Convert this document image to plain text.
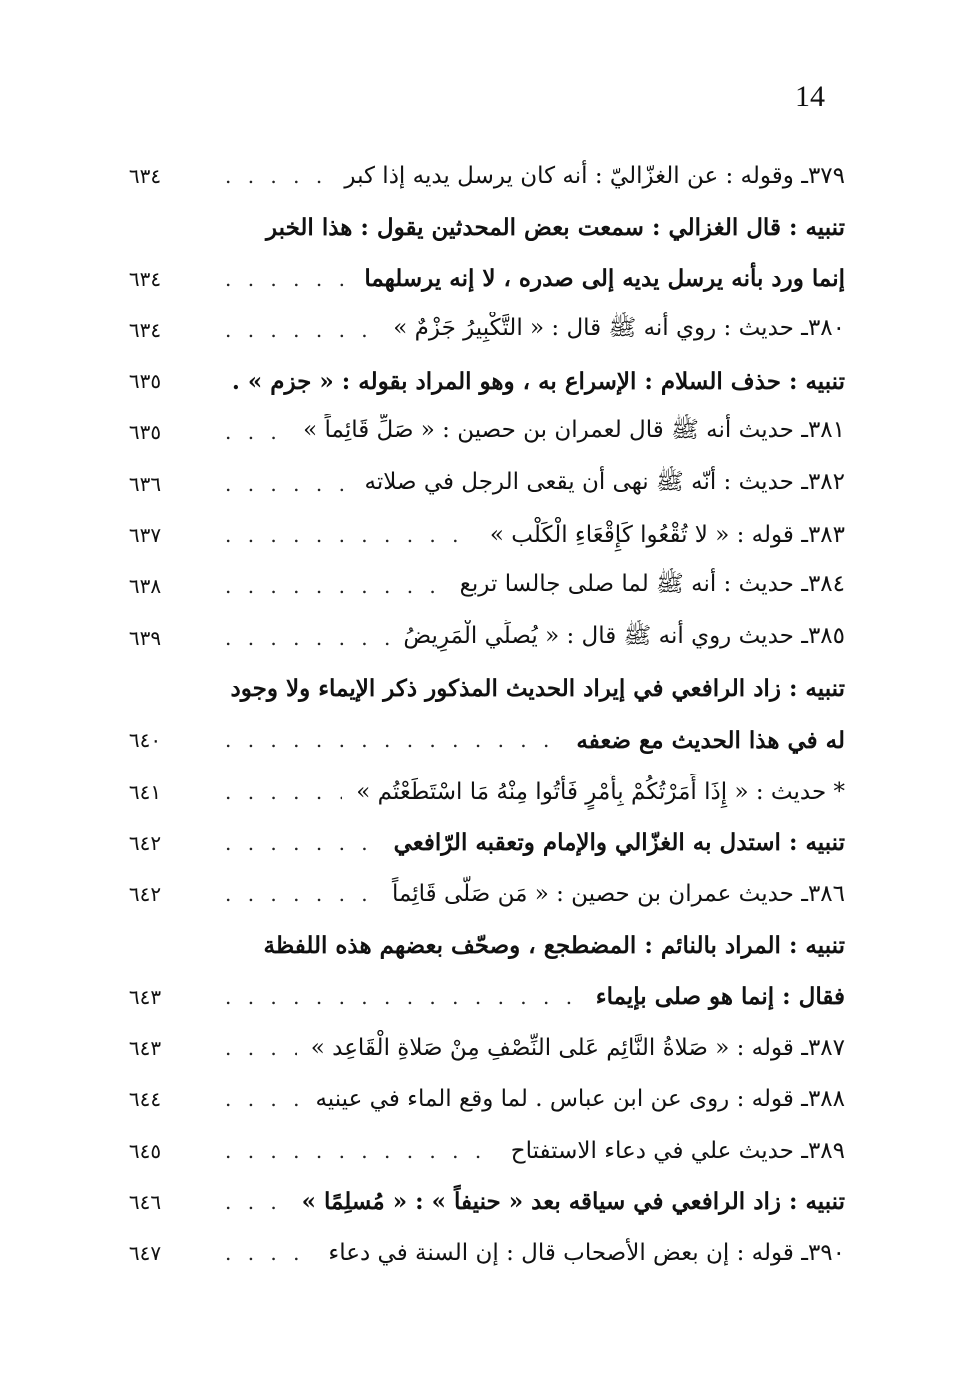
14
٣٧٩ـ وقوله : عن الغزّاليّ : أنه كان يرسل يديه إذا كبر
. . .
٦٣٤
تنبيه : قال الغزالي : سمعت بعض المحدثين يقول : هذا الخبر
إنما ورد بأنه يرسل يديه إلى صدره ، لا إنه يرسلهما
. . .
٦٣٤
٣٨٠ـ حديث : روي أنه ﷺ قال : « التَّكْبِيرُ جَزْمٌ »
. . .
٦٣٤
تنبيه : حذف السلام : الإسراع به ، وهو المراد بقوله : « جزم » .
٦٣٥
٣٨١ـ حديث أنه ﷺ قال لعمران بن حصين : « صَلِّ قَائِماً »
. . .
٦٣٥
٣٨٢ـ حديث : أنّه ﷺ نهى أن يقعى الرجل في صلاته
. . .
٦٣٦
٣٨٣ـ قوله : « لا تُقْعُوا كَإِقْعَاءِ الْكَلْب »
. . .
٦٣٧
٣٨٤ـ حديث : أنه ﷺ لما صلى جالسا تربع
. . .
٦٣٨
٣٨٥ـ حديث روي أنه ﷺ قال : « يُصلِّي الْمَرِيضُ
. . .
٦٣٩
تنبيه : زاد الرافعي في إيراد الحديث المذكور ذكر الإيماء ولا وجود
له في هذا الحديث مع ضعفه
. . .
٦٤٠
* حديث : « إِذَا أَمَرْتُكُمْ بِأَمْرٍ فَأْتُوا مِنْهُ مَا اسْتَطَعْتُم »
. . .
٦٤١
تنبيه : استدل به الغزّالي والإمام وتعقبه الرّافعي
. . .
٦٤٢
٣٨٦ـ حديث عمران بن حصين : « مَن صَلَّى قَائِماً
. . .
٦٤٢
تنبيه : المراد بالنائم : المضطجع ، وصحّف بعضهم هذه اللفظة
فقال : إنما هو صلى بإيماء
. . .
٦٤٣
٣٨٧ـ قوله : « صَلاةُ النَّائِم عَلى النِّصْفِ مِنْ صَلاةِ الْقَاعِد »
. . .
٦٤٣
٣٨٨ـ قوله : روى عن ابن عباس . لما وقع الماء في عينيه
. . .
٦٤٤
٣٨٩ـ حديث علي في دعاء الاستفتاح
. . .
٦٤٥
تنبيه : زاد الرافعي في سياقه بعد « حنيفاً » : « مُسلِمًا »
. . .
٦٤٦
٣٩٠ـ قوله : إن بعض الأصحاب قال : إن السنة في دعاء
. . .
٦٤٧
